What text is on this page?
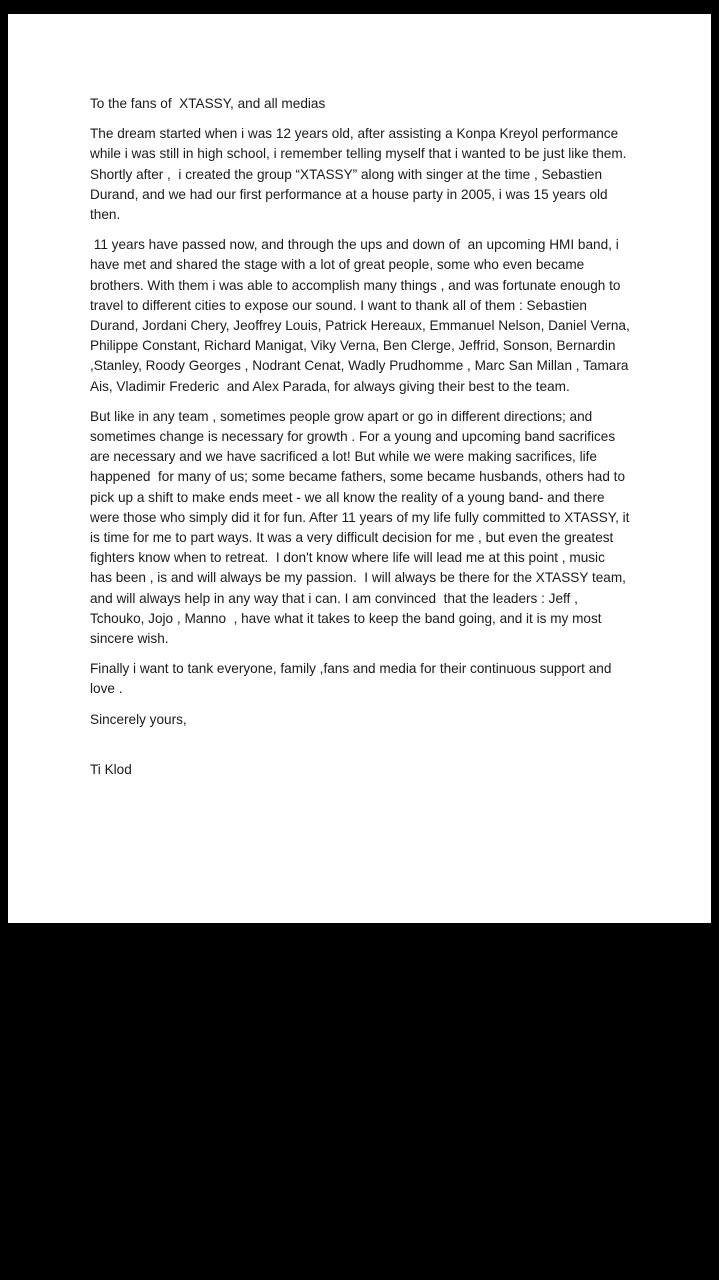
To the fans of  XTASSY, and all medias

The dream started when i was 12 years old, after assisting a Konpa Kreyol performance while i was still in high school, i remember telling myself that i wanted to be just like them. Shortly after ,  i created the group “XTASSY” along with singer at the time , Sebastien Durand, and we had our first performance at a house party in 2005, i was 15 years old then.

11 years have passed now, and through the ups and down of  an upcoming HMI band, i have met and shared the stage with a lot of great people, some who even became brothers. With them i was able to accomplish many things , and was fortunate enough to travel to different cities to expose our sound. I want to thank all of them : Sebastien Durand, Jordani Chery, Jeoffrey Louis, Patrick Hereaux, Emmanuel Nelson, Daniel Verna, Philippe Constant, Richard Manigat, Viky Verna, Ben Clerge, Jeffrid, Sonson, Bernardin ,Stanley, Roody Georges , Nodrant Cenat, Wadly Prudhomme , Marc San Millan , Tamara Ais, Vladimir Frederic  and Alex Parada, for always giving their best to the team.

But like in any team , sometimes people grow apart or go in different directions; and sometimes change is necessary for growth . For a young and upcoming band sacrifices are necessary and we have sacrificed a lot! But while we were making sacrifices, life happened  for many of us; some became fathers, some became husbands, others had to pick up a shift to make ends meet - we all know the reality of a young band- and there were those who simply did it for fun. After 11 years of my life fully committed to XTASSY, it is time for me to part ways. It was a very difficult decision for me , but even the greatest fighters know when to retreat.  I don't know where life will lead me at this point , music has been , is and will always be my passion.  I will always be there for the XTASSY team, and will always help in any way that i can. I am convinced  that the leaders : Jeff , Tchouko, Jojo , Manno  , have what it takes to keep the band going, and it is my most sincere wish.

Finally i want to tank everyone, family ,fans and media for their continuous support and love .

Sincerely yours,

Ti Klod
